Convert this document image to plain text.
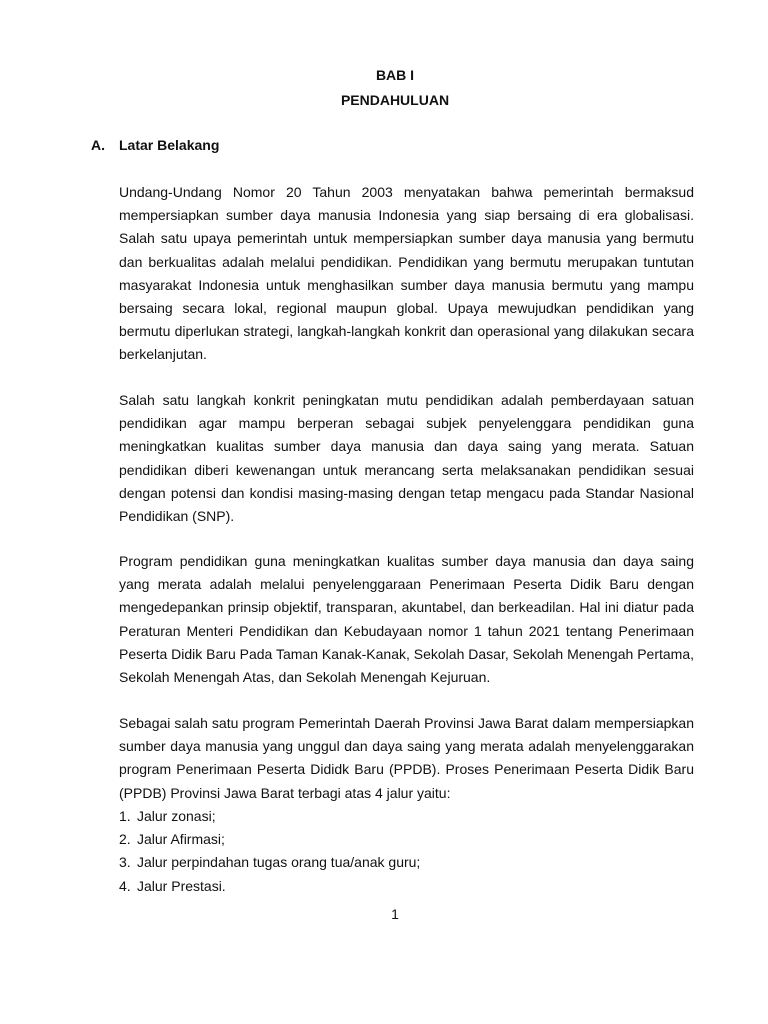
BAB I
PENDAHULUAN
A. Latar Belakang

Undang-Undang Nomor 20 Tahun 2003 menyatakan bahwa pemerintah bermaksud mempersiapkan sumber daya manusia Indonesia yang siap bersaing di era globalisasi. Salah satu upaya pemerintah untuk mempersiapkan sumber daya manusia yang bermutu dan berkualitas adalah melalui pendidikan. Pendidikan yang bermutu merupakan tuntutan masyarakat Indonesia untuk menghasilkan sumber daya manusia bermutu yang mampu bersaing secara lokal, regional maupun global. Upaya mewujudkan pendidikan yang bermutu diperlukan strategi, langkah-langkah konkrit dan operasional yang dilakukan secara berkelanjutan.

Salah satu langkah konkrit peningkatan mutu pendidikan adalah pemberdayaan satuan pendidikan agar mampu berperan sebagai subjek penyelenggara pendidikan guna meningkatkan kualitas sumber daya manusia dan daya saing yang merata. Satuan pendidikan diberi kewenangan untuk merancang serta melaksanakan pendidikan sesuai dengan potensi dan kondisi masing-masing dengan tetap mengacu pada Standar Nasional Pendidikan (SNP).

Program pendidikan guna meningkatkan kualitas sumber daya manusia dan daya saing yang merata adalah melalui penyelenggaraan Penerimaan Peserta Didik Baru dengan mengedepankan prinsip objektif, transparan, akuntabel, dan berkeadilan. Hal ini diatur pada Peraturan Menteri Pendidikan dan Kebudayaan nomor 1 tahun 2021 tentang Penerimaan Peserta Didik Baru Pada Taman Kanak-Kanak, Sekolah Dasar, Sekolah Menengah Pertama, Sekolah Menengah Atas, dan Sekolah Menengah Kejuruan.

Sebagai salah satu program Pemerintah Daerah Provinsi Jawa Barat dalam mempersiapkan sumber daya manusia yang unggul dan daya saing yang merata adalah menyelenggarakan program Penerimaan Peserta Dididk Baru (PPDB). Proses Penerimaan Peserta Didik Baru (PPDB) Provinsi Jawa Barat terbagi atas 4 jalur yaitu:

1. Jalur zonasi;
2. Jalur Afirmasi;
3. Jalur perpindahan tugas orang tua/anak guru;
4. Jalur Prestasi.
1
